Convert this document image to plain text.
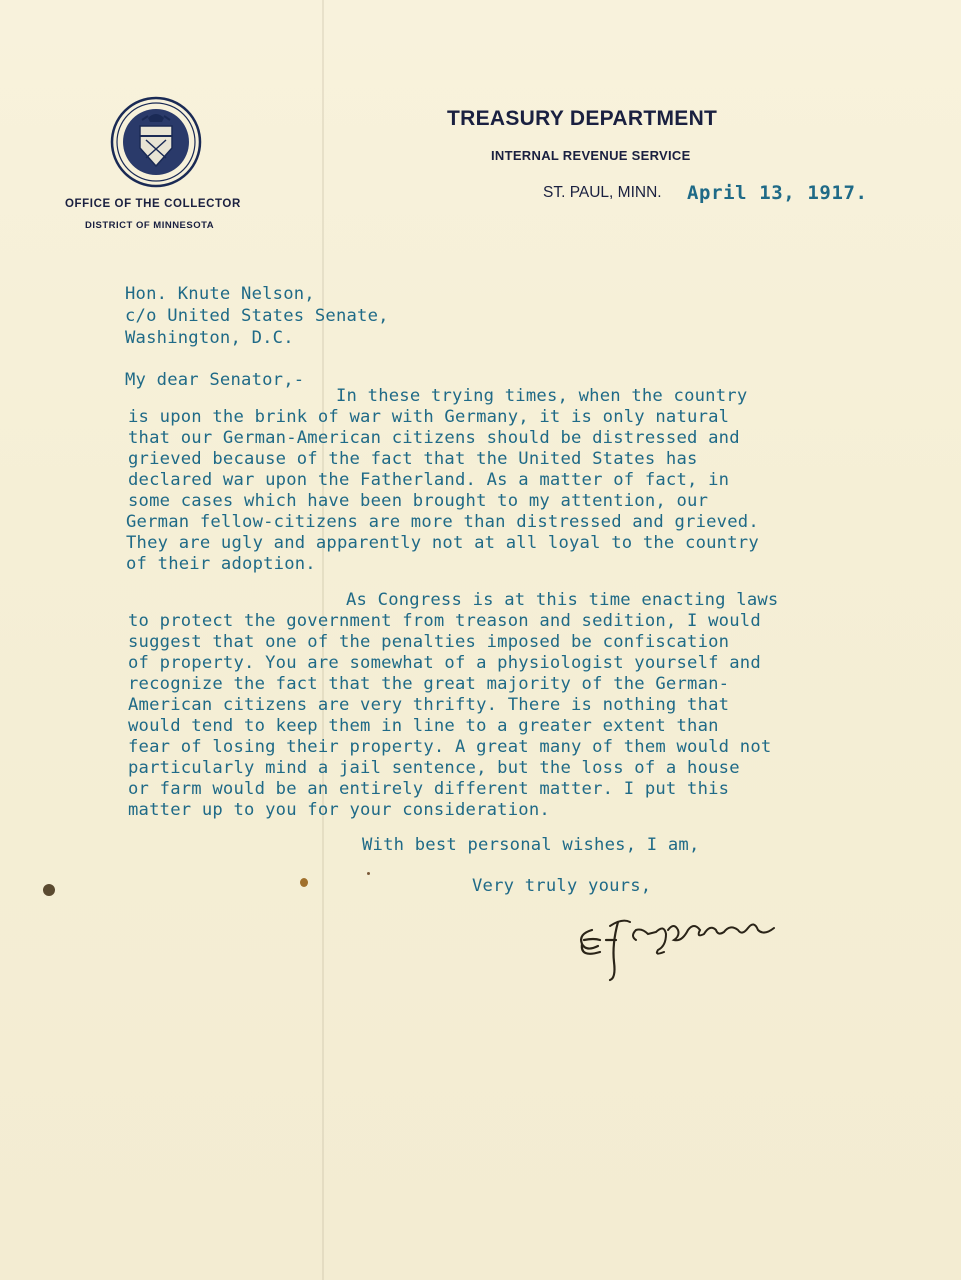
OFFICE OF THE COLLECTOR
DISTRICT OF MINNESOTA
TREASURY DEPARTMENT
INTERNAL REVENUE SERVICE
ST. PAUL, MINN. April 13, 1917.
Hon. Knute Nelson,
c/o United States Senate,
Washington, D.C.
My dear Senator,-
In these trying times, when the country
is upon the brink of war with Germany, it is only natural
that our German-American citizens should be distressed and
grieved because of the fact that the United States has
declared war upon the Fatherland. As a matter of fact, in
some cases which have been brought to my attention, our
German fellow-citizens are more than distressed and grieved.
They are ugly and apparently not at all loyal to the country
of their adoption.
As Congress is at this time enacting laws
to protect the government from treason and sedition, I would
suggest that one of the penalties imposed be confiscation
of property. You are somewhat of a physiologist yourself and
recognize the fact that the great majority of the German-
American citizens are very thrifty. There is nothing that
would tend to keep them in line to a greater extent than
fear of losing their property. A great many of them would not
particularly mind a jail sentence, but the loss of a house
or farm would be an entirely different matter. I put this
matter up to you for your consideration.
With best personal wishes, I am,
Very truly yours,
